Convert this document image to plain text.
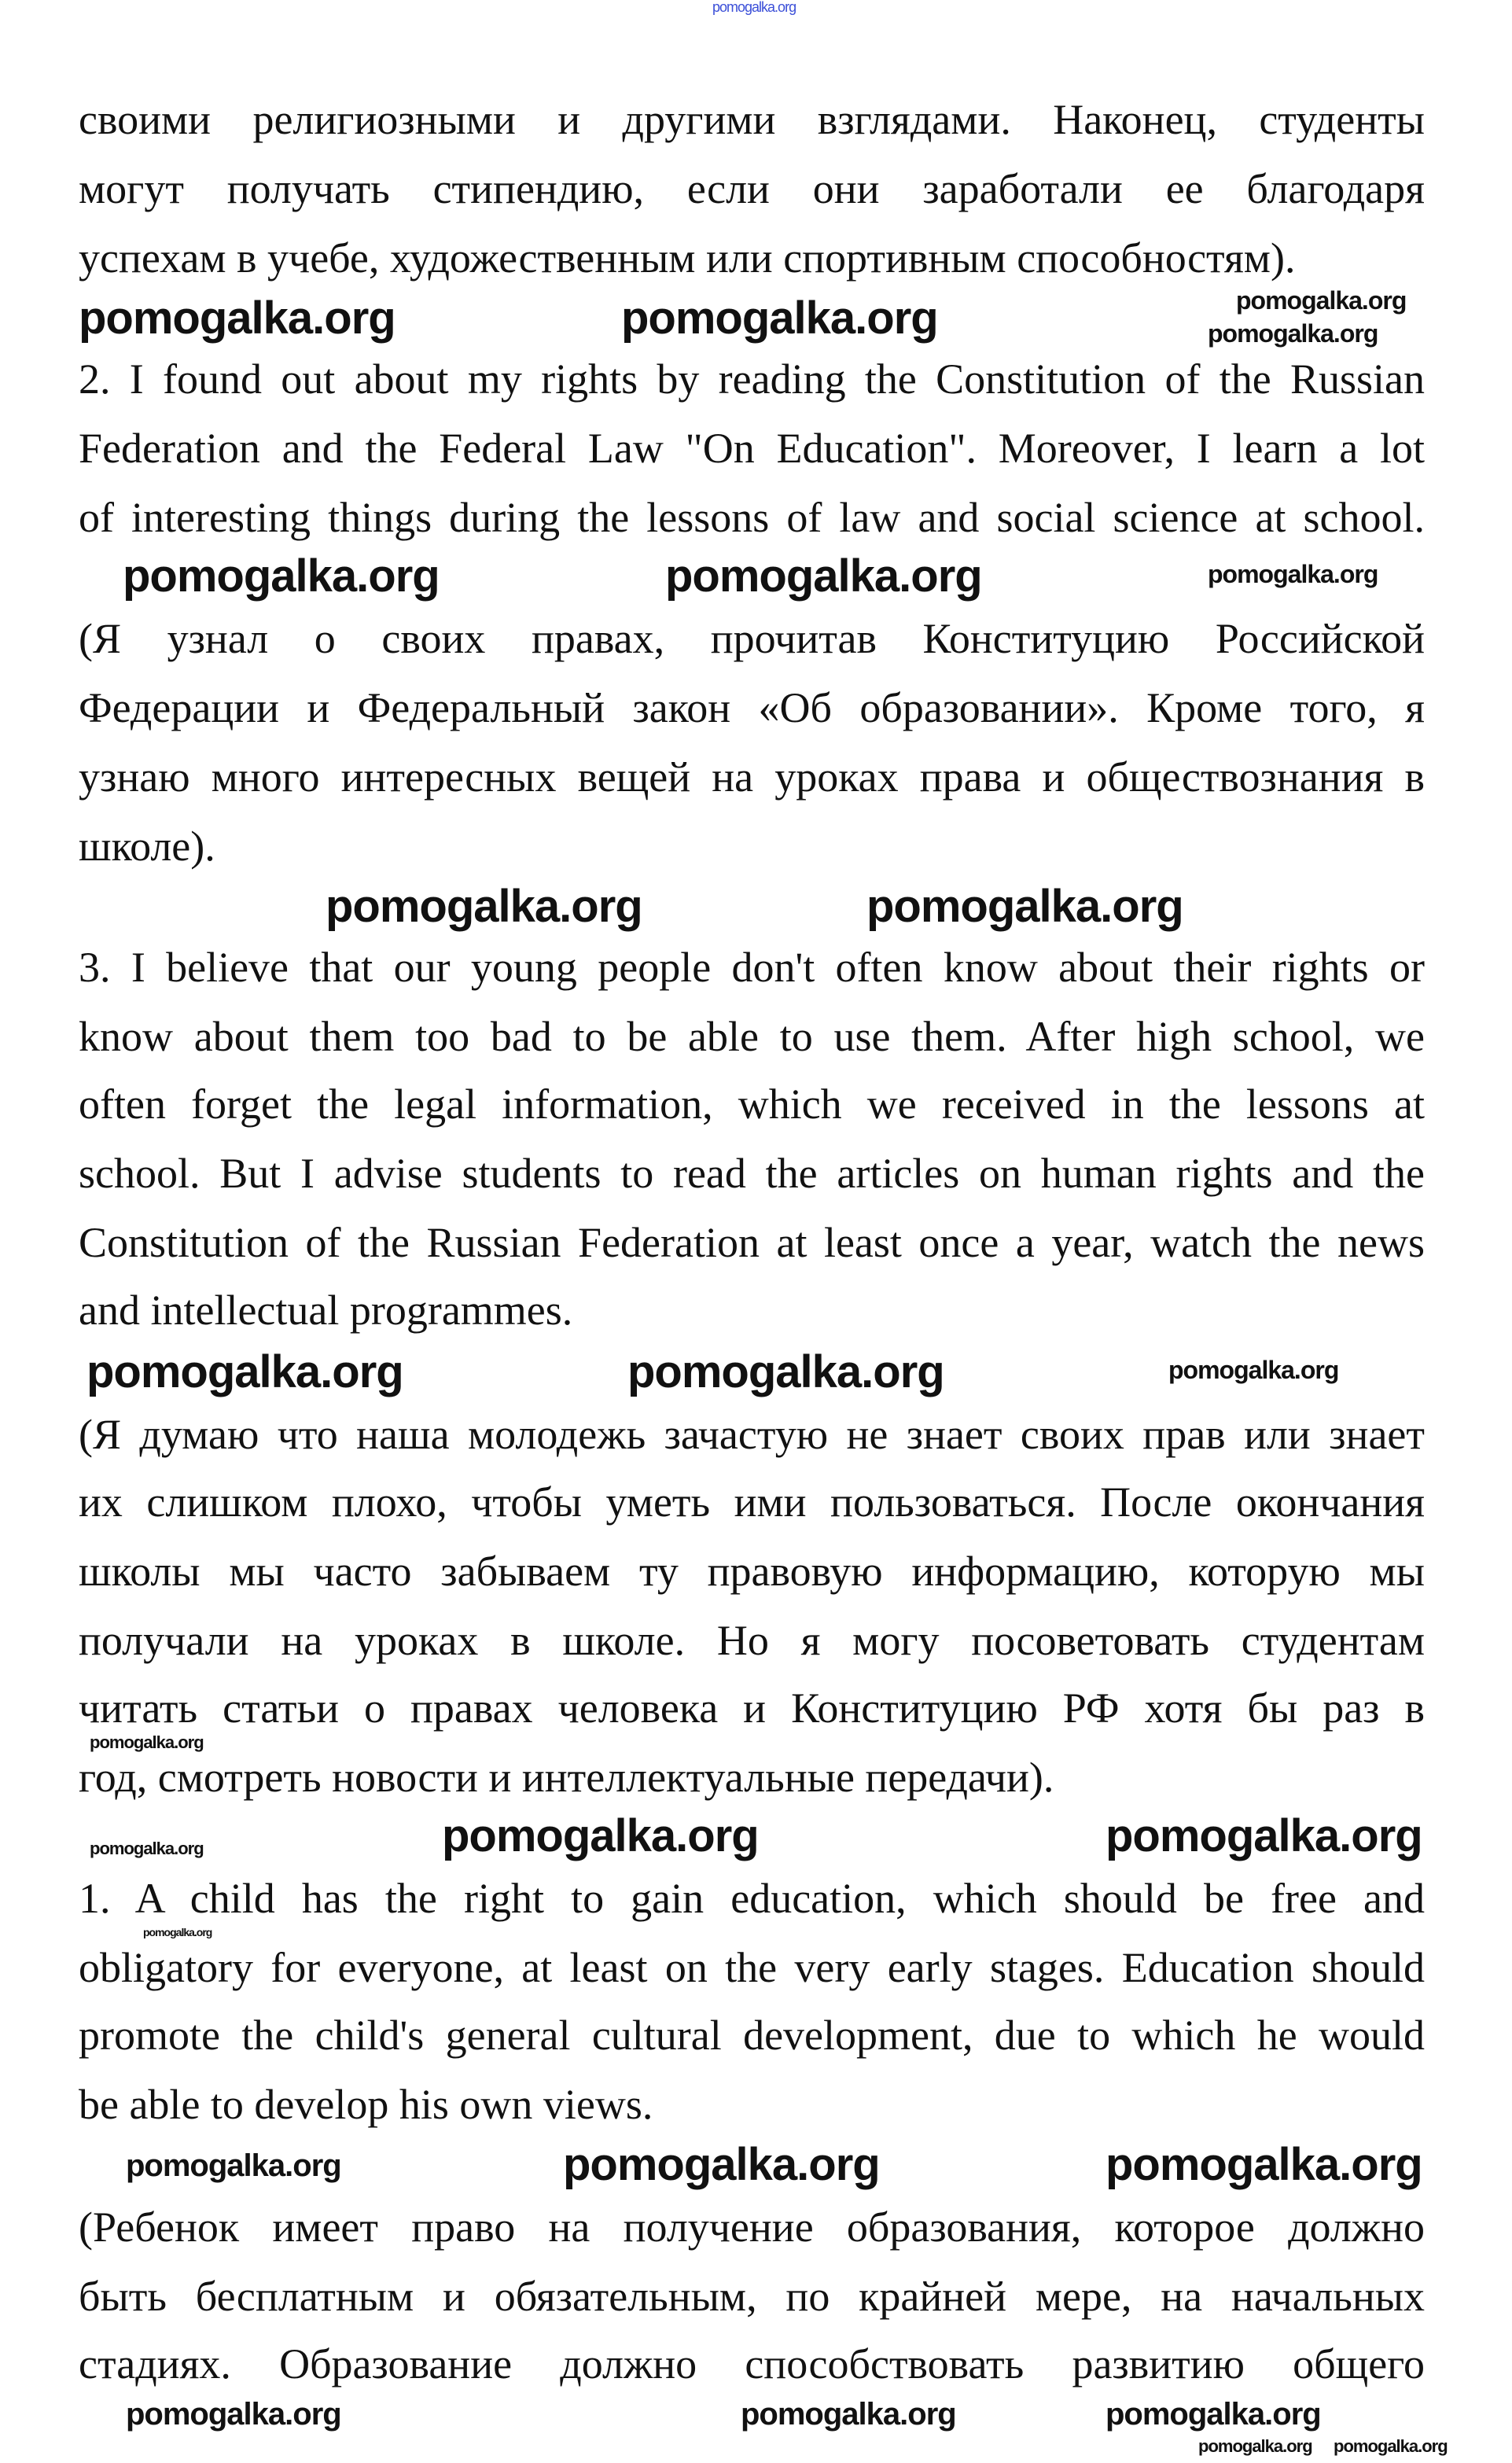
своими религиозными и другими взглядами. Наконец, студенты
могут получать стипендию, если они заработали ее благодаря
успехам в учебе, художественным или спортивным способностям).
2. I found out about my rights by reading the Constitution of the Russian
Federation and the Federal Law "On Education". Moreover, I learn a lot
of interesting things during the lessons of law and social science at school.
(Я узнал о своих правах, прочитав Конституцию Российской
Федерации и Федеральный закон «Об образовании». Кроме того, я
узнаю много интересных вещей на уроках права и обществознания в
школе).
3. I believe that our young people don't often know about their rights or
know about them too bad to be able to use them. After high school, we
often forget the legal information, which we received in the lessons at
school. But I advise students to read the articles on human rights and the
Constitution of the Russian Federation at least once a year, watch the news
and intellectual programmes.
(Я думаю что наша молодежь зачастую не знает своих прав или знает
их слишком плохо, чтобы уметь ими пользоваться. После окончания
школы мы часто забываем ту правовую информацию, которую мы
получали на уроках в школе. Но я могу посоветовать студентам
читать статьи о правах человека и Конституцию РФ хотя бы раз в
год, смотреть новости и интеллектуальные передачи).
1. A child has the right to gain education, which should be free and
obligatory for everyone, at least on the very early stages. Education should
promote the child's general cultural development, due to which he would
be able to develop his own views.
(Ребенок имеет право на получение образования, которое должно
быть бесплатным и обязательным, по крайней мере, на начальных
стадиях. Образование должно способствовать развитию общего
pomogalka.org
pomogalka.org
pomogalka.org	pomogalka.org	pomogalka.org
pomogalka.org	pomogalka.org	pomogalka.org
pomogalka.org	pomogalka.org
pomogalka.org	pomogalka.org
pomogalka.org
pomogalka.org	pomogalka.org
pomogalka.org
pomogalka.org	pomogalka.org	pomogalka.org
pomogalka.org
pomogalka.org
pomogalka.org	pomogalka.org
pomogalka.org
pomogalka.org pomogalka.org
